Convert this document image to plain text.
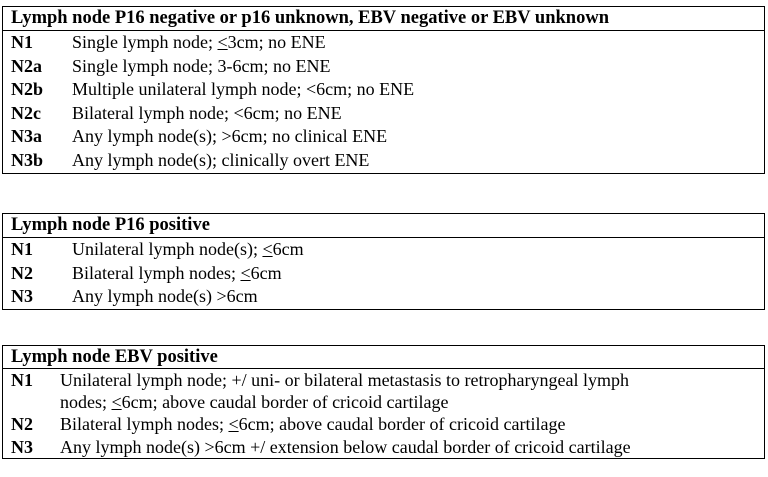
Lymph node P16 negative or p16 unknown, EBV negative or EBV unknown
N1	Single lymph node; <3cm; no ENE
N2a	Single lymph node; 3-6cm; no ENE
N2b	Multiple unilateral lymph node; <6cm; no ENE
N2c	Bilateral lymph node; <6cm; no ENE
N3a	Any lymph node(s); >6cm; no clinical ENE
N3b	Any lymph node(s); clinically overt ENE
Lymph node P16 positive
N1	Unilateral lymph node(s); <6cm
N2	Bilateral lymph nodes; <6cm
N3	Any lymph node(s) >6cm
Lymph node EBV positive
N1	Unilateral lymph node; +/ uni- or bilateral metastasis to retropharyngeal lymph
nodes; <6cm; above caudal border of cricoid cartilage
N2	Bilateral lymph nodes; <6cm; above caudal border of cricoid cartilage
N3	Any lymph node(s) >6cm +/ extension below caudal border of cricoid cartilage
